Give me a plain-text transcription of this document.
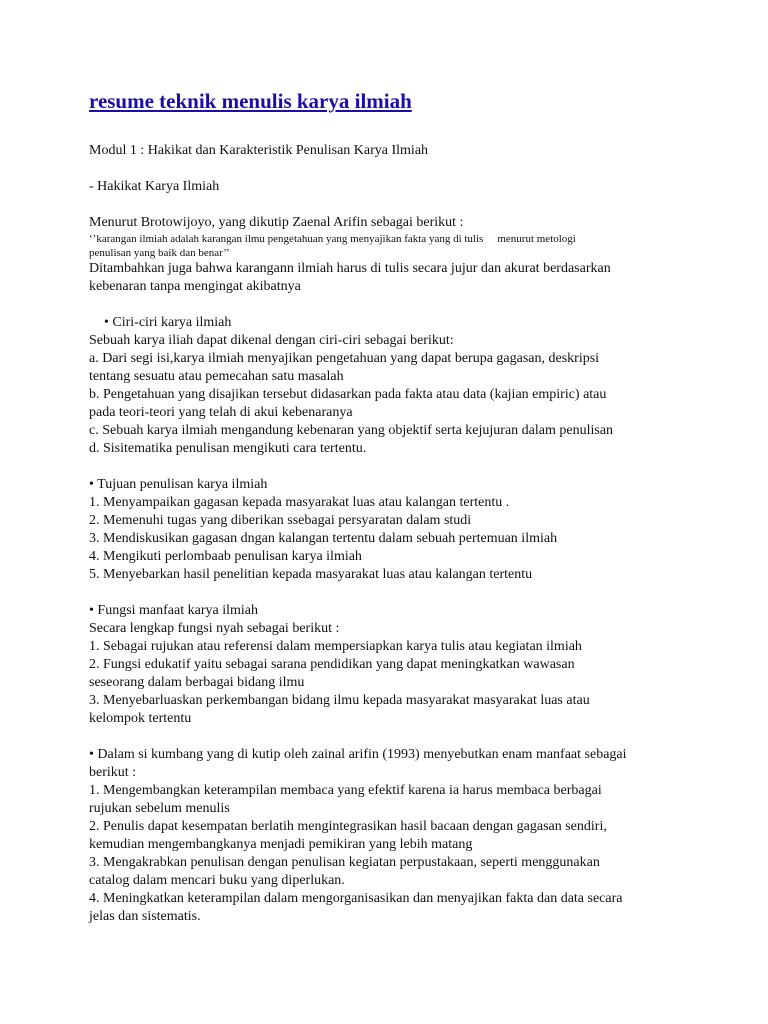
resume teknik menulis karya ilmiah

Modul 1 : Hakikat dan Karakteristik Penulisan Karya Ilmiah

- Hakikat Karya Ilmiah

Menurut Brotowijoyo, yang dikutip Zaenal Arifin sebagai berikut :

‘’karangan ilmiah adalah karangan ilmu pengetahuan yang menyajikan fakta yang di tulis menurut metologi

penulisan yang baik dan benar’’

Ditambahkan juga bahwa karangann ilmiah harus di tulis secara jujur dan akurat berdasarkan
kebenaran tanpa mengingat akibatnya

• Ciri-ciri karya ilmiah

Sebuah karya iliah dapat dikenal dengan ciri-ciri sebagai berikut:
a. Dari segi isi,karya ilmiah menyajikan pengetahuan yang dapat berupa gagasan, deskripsi
tentang sesuatu atau pemecahan satu masalah
b. Pengetahuan yang disajikan tersebut didasarkan pada fakta atau data (kajian empiric) atau
pada teori-teori yang telah di akui kebenaranya
c. Sebuah karya ilmiah mengandung kebenaran yang objektif serta kejujuran dalam penulisan
d. Sisitematika penulisan mengikuti cara tertentu.

• Tujuan penulisan karya ilmiah

1. Menyampaikan gagasan kepada masyarakat luas atau kalangan tertentu .
2. Memenuhi tugas yang diberikan ssebagai persyaratan dalam studi
3. Mendiskusikan gagasan dngan kalangan tertentu dalam sebuah pertemuan ilmiah
4. Mengikuti perlombaab penulisan karya ilmiah
5. Menyebarkan hasil penelitian kepada masyarakat luas atau kalangan tertentu

• Fungsi manfaat karya ilmiah

Secara lengkap fungsi nyah sebagai berikut :
1. Sebagai rujukan atau referensi dalam mempersiapkan karya tulis atau kegiatan ilmiah
2. Fungsi edukatif yaitu sebagai sarana pendidikan yang dapat meningkatkan wawasan
seseorang dalam berbagai bidang ilmu
3. Menyebarluaskan perkembangan bidang ilmu kepada masyarakat masyarakat luas atau
kelompok tertentu

• Dalam si kumbang yang di kutip oleh zainal arifin (1993) menyebutkan enam manfaat sebagai

berikut :
1. Mengembangkan keterampilan membaca yang efektif karena ia harus membaca berbagai
rujukan sebelum menulis
2. Penulis dapat kesempatan berlatih mengintegrasikan hasil bacaan dengan gagasan sendiri,
kemudian mengembangkanya menjadi pemikiran yang lebih matang
3. Mengakrabkan penulisan dengan penulisan kegiatan perpustakaan, seperti menggunakan
catalog dalam mencari buku yang diperlukan.
4. Meningkatkan keterampilan dalam mengorganisasikan dan menyajikan fakta dan data secara
jelas dan sistematis.
